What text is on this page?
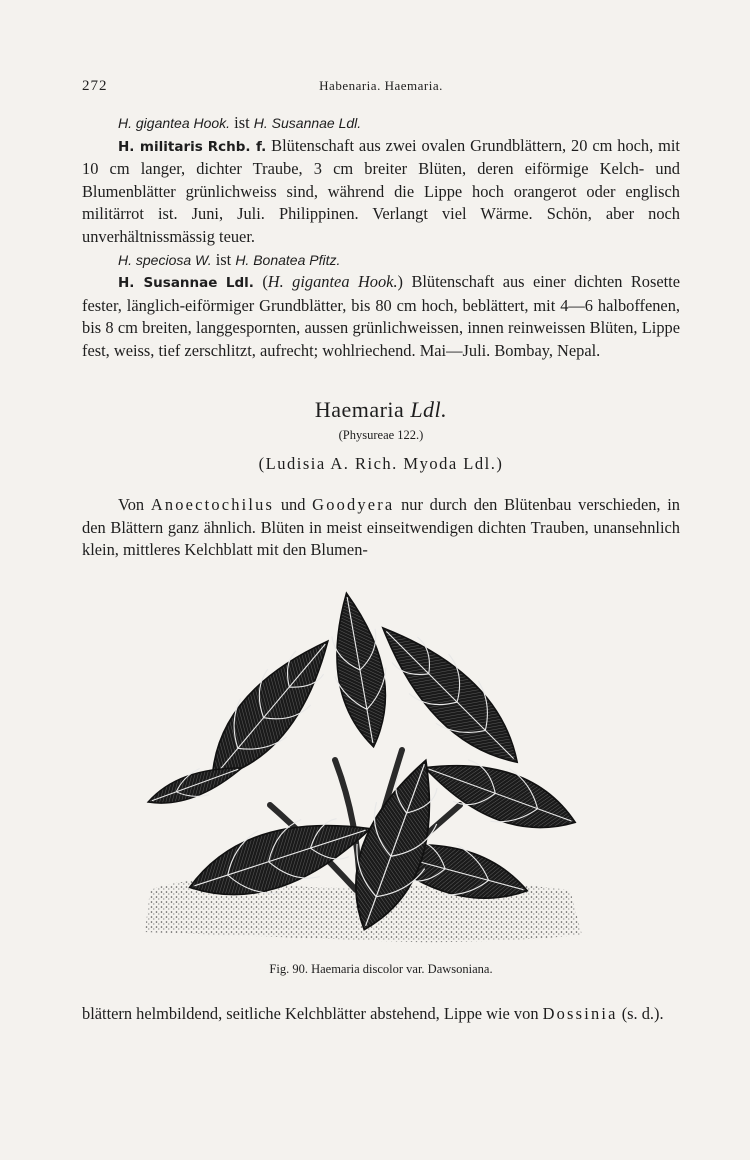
272	Habenaria. Haemaria.

H. gigantea Hook. ist H. Susannae Ldl.

H. militaris Rchb. f. Blütenschaft aus zwei ovalen Grundblättern, 20 cm hoch, mit 10 cm langer, dichter Traube, 3 cm breiter Blüten, deren eiförmige Kelch- und Blumenblätter grünlichweiss sind, während die Lippe hoch orangerot oder englisch militärrot ist. Juni, Juli. Philippinen. Verlangt viel Wärme. Schön, aber noch unverhältnissmässig teuer.

H. speciosa W. ist H. Bonatea Pfitz.

H. Susannae Ldl. (H. gigantea Hook.) Blütenschaft aus einer dichten Rosette fester, länglich-eiförmiger Grundblätter, bis 80 cm hoch, beblättert, mit 4—6 halboffenen, bis 8 cm breiten, langgespornten, aussen grünlichweissen, innen reinweissen Blüten, Lippe fest, weiss, tief zerschlitzt, aufrecht; wohlriechend. Mai—Juli. Bombay, Nepal.

Haemaria Ldl.
(Physureae 122.)
(Ludisia A. Rich. Myoda Ldl.)

Von Anoectochilus und Goodyera nur durch den Blütenbau verschieden, in den Blättern ganz ähnlich. Blüten in meist einseitwendigen dichten Trauben, unansehnlich klein, mittleres Kelchblatt mit den Blumen-

Fig. 90. Haemaria discolor var. Dawsoniana.

blättern helmbildend, seitliche Kelchblätter abstehend, Lippe wie von Dossinia (s. d.).
